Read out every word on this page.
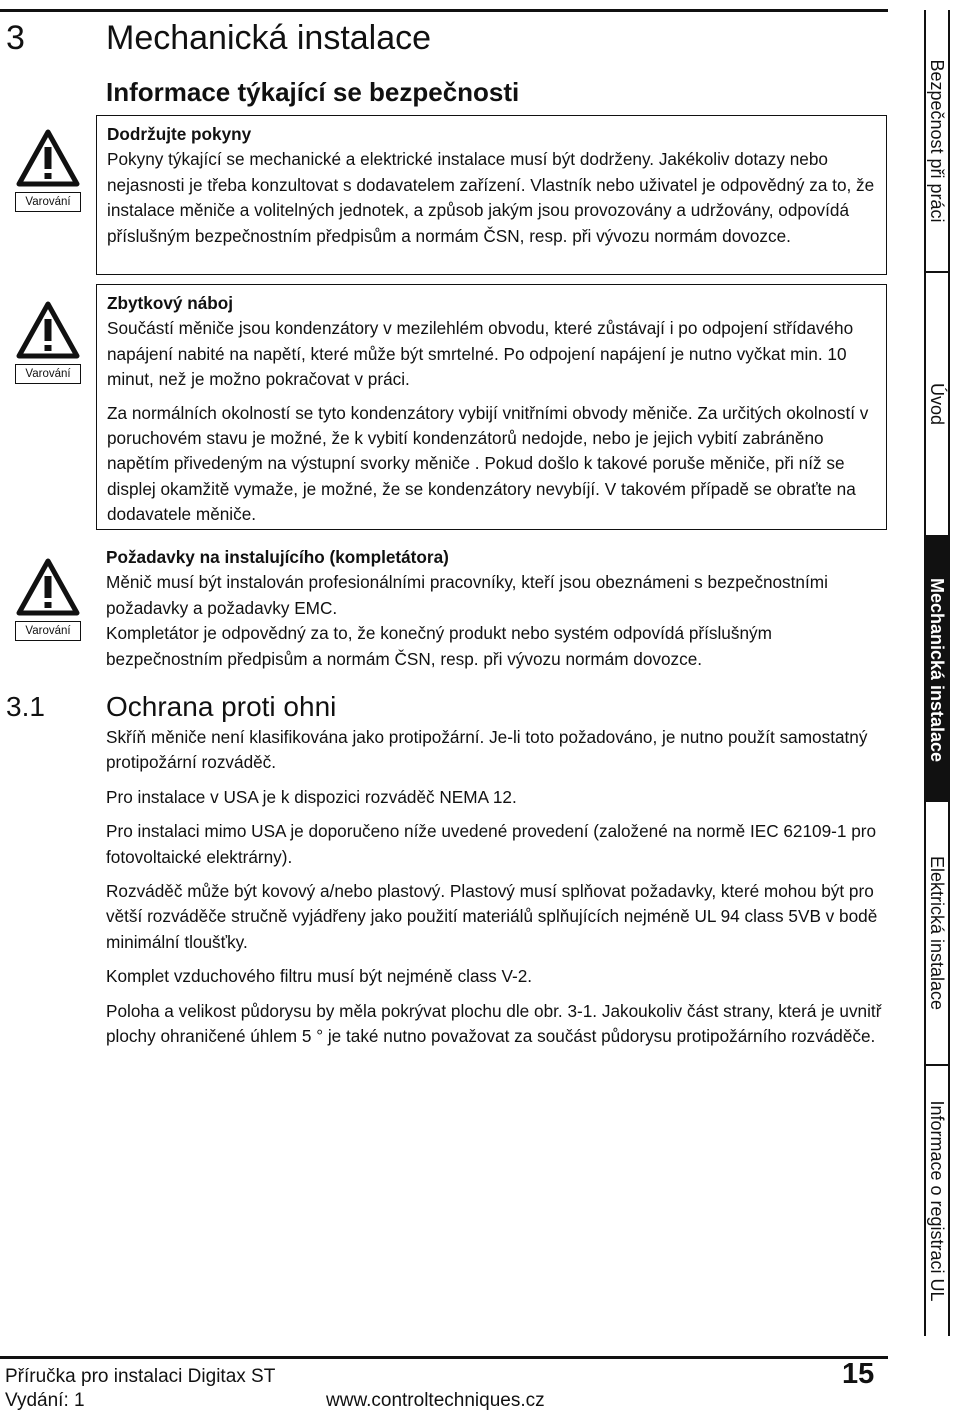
3 Mechanická instalace
Informace týkající se bezpečnosti
Varování

Dodržujte pokyny

Pokyny týkající se mechanické a elektrické instalace musí být dodrženy. Jakékoliv dotazy nebo nejasnosti je třeba konzultovat s dodavatelem zařízení. Vlastník nebo uživatel je odpovědný za to, že instalace měniče a volitelných jednotek, a způsob jakým jsou provozovány a udržovány, odpovídá příslušným bezpečnostním předpisům a normám ČSN, resp. při vývozu normám dovozce.

Varování

Zbytkový náboj

Součástí měniče jsou kondenzátory v mezilehlém obvodu, které zůstávají i po odpojení střídavého napájení nabité na napětí, které může být smrtelné. Po odpojení napájení je nutno vyčkat min. 10 minut, než je možno pokračovat v práci.

Za normálních okolností se tyto kondenzátory vybijí vnitřními obvody měniče. Za určitých okolností v poruchovém stavu je možné, že k vybití kondenzátorů nedojde, nebo je jejich vybití zabráněno napětím přivedeným na výstupní svorky měniče . Pokud došlo k takové poruše měniče, při níž se displej okamžitě vymaže, je možné, že se kondenzátory nevybíjí. V takovém případě se obraťte na dodavatele měniče.

Varování

Požadavky na instalujícího (kompletátora)

Měnič musí být instalován profesionálními pracovníky, kteří jsou obeznámeni s bezpečnostními požadavky a požadavky EMC.

Kompletátor je odpovědný za to, že konečný produkt nebo systém odpovídá příslušným bezpečnostním předpisům a normám ČSN, resp. při vývozu normám dovozce.

3.1 Ochrana proti ohni

Skříň měniče není klasifikována jako protipožární. Je-li toto požadováno, je nutno použít samostatný protipožární rozváděč.

Pro instalace v USA je k dispozici rozváděč NEMA 12.

Pro instalaci mimo USA je doporučeno níže uvedené provedení (založené na normě IEC 62109-1 pro fotovoltaické elektrárny).

Rozváděč může být kovový a/nebo plastový. Plastový musí splňovat požadavky, které mohou být pro větší rozváděče stručně vyjádřeny jako použití materiálů splňujících nejméně UL 94 class 5VB v bodě minimální tloušťky.

Komplet vzduchového filtru musí být nejméně class V-2.

Poloha a velikost půdorysu by měla pokrývat plochu dle obr. 3-1. Jakoukoliv část strany, která je uvnitř plochy ohraničené úhlem 5 ° je také nutno považovat za součást půdorysu protipožárního rozváděče.

Bezpečnost při práci
Úvod
Mechanická instalace
Elektrická instalace
Informace o registraci UL
Příručka pro instalaci Digitax ST
Vydání: 1	www.controltechniques.cz
15
